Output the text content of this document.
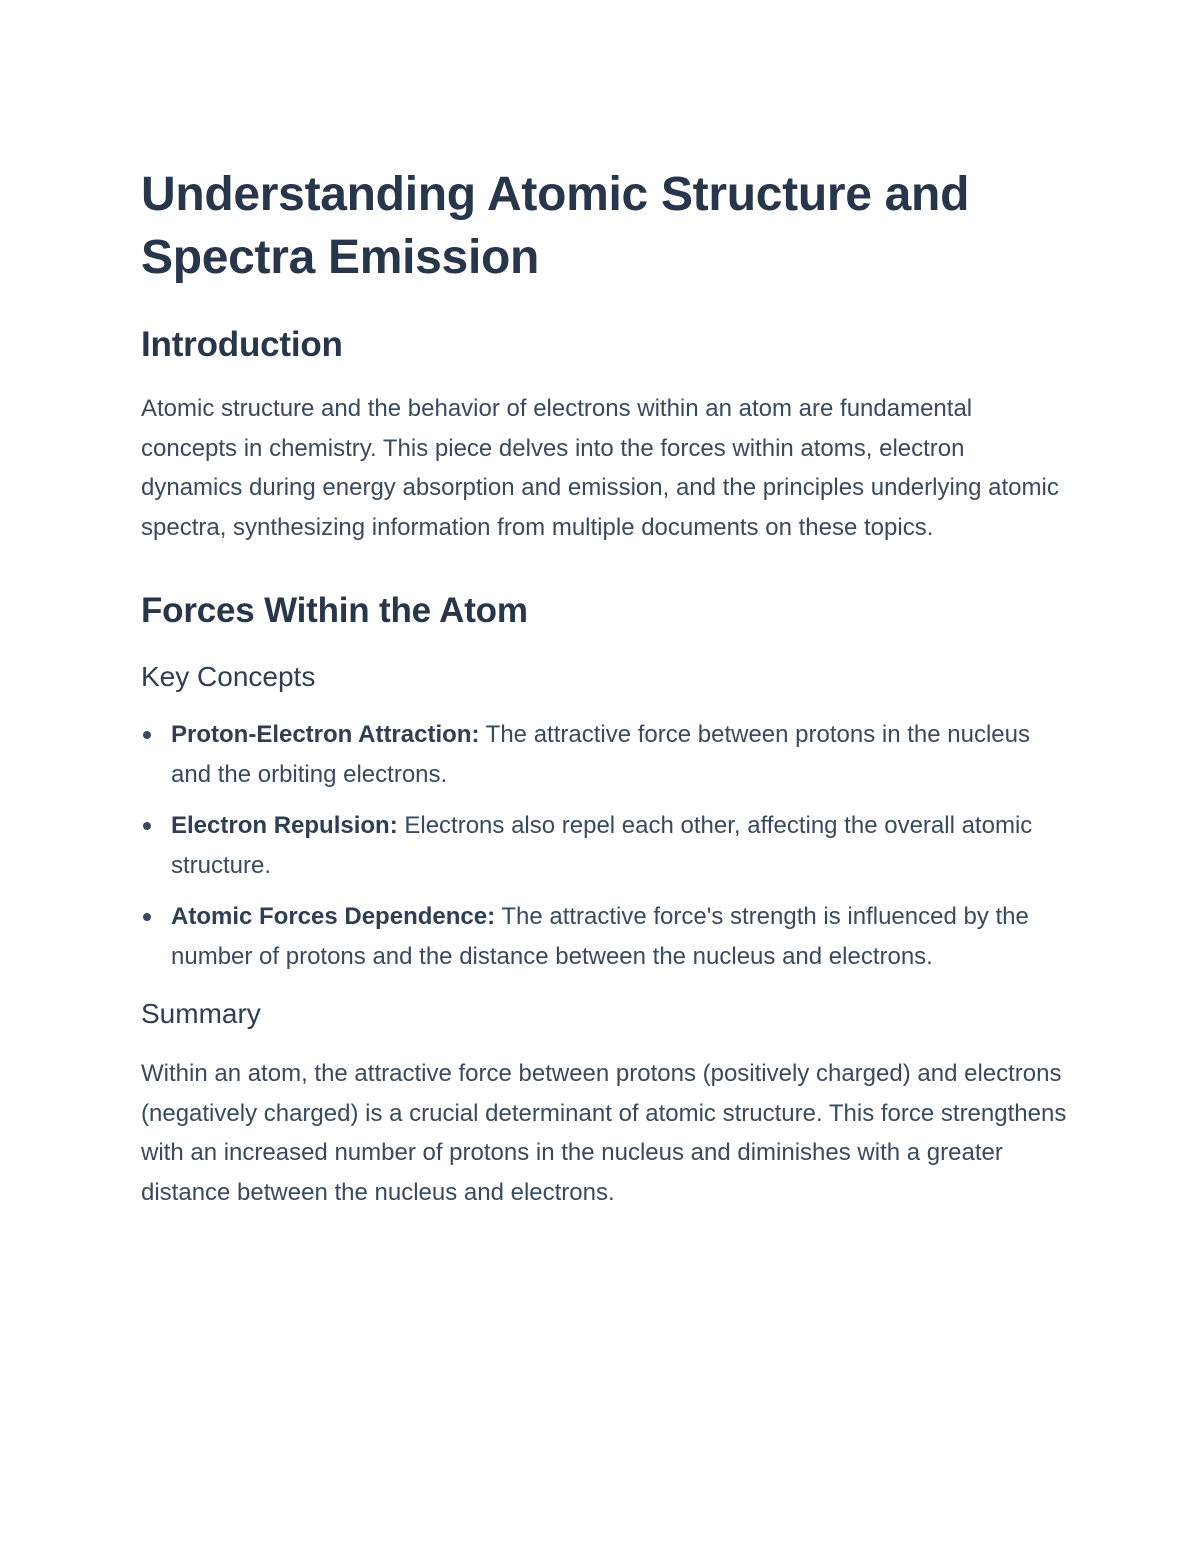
Understanding Atomic Structure and Spectra Emission
Introduction

Atomic structure and the behavior of electrons within an atom are fundamental concepts in chemistry. This piece delves into the forces within atoms, electron dynamics during energy absorption and emission, and the principles underlying atomic spectra, synthesizing information from multiple documents on these topics.

Forces Within the Atom
Key Concepts
Proton-Electron Attraction: The attractive force between protons in the nucleus and the orbiting electrons.
Electron Repulsion: Electrons also repel each other, affecting the overall atomic structure.
Atomic Forces Dependence: The attractive force's strength is influenced by the number of protons and the distance between the nucleus and electrons.
Summary

Within an atom, the attractive force between protons (positively charged) and electrons (negatively charged) is a crucial determinant of atomic structure. This force strengthens with an increased number of protons in the nucleus and diminishes with a greater distance between the nucleus and electrons.
